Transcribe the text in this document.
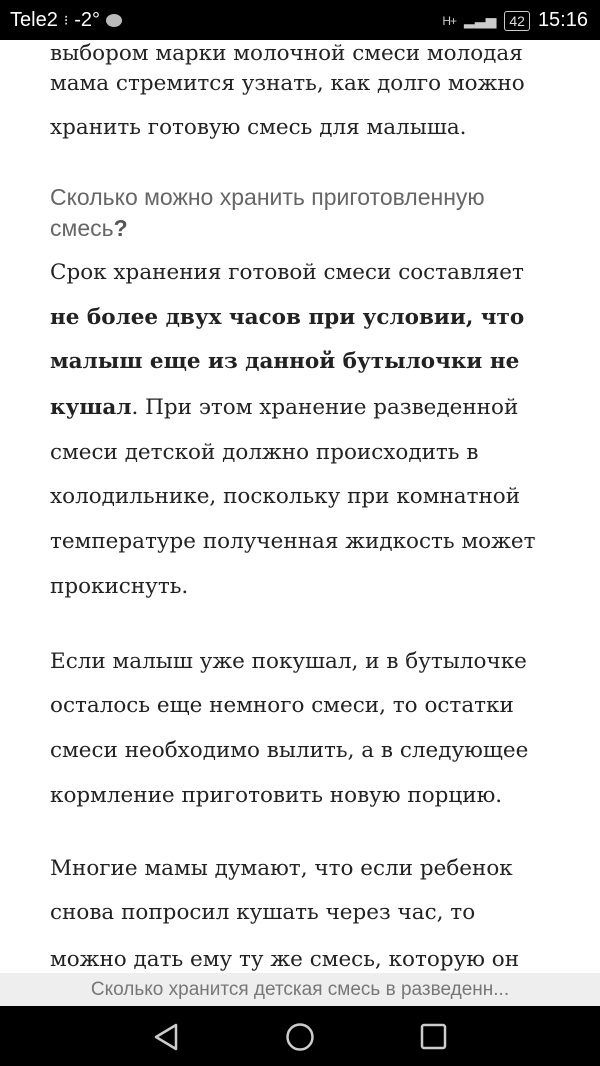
Tele2 ⁝ -2°	H+ ▂▃▅ 42 15:16
выбором марки молочной смеси молодая
мама стремится узнать, как долго можно
хранить готовую смесь для малыша.
Сколько можно хранить приготовленную
смесь?
Срок хранения готовой смеси составляет
не более двух часов при условии, что
малыш еще из данной бутылочки не
кушал. При этом хранение разведенной
смеси детской должно происходить в
холодильнике, поскольку при комнатной
температуре полученная жидкость может
прокиснуть.
Если малыш уже покушал, и в бутылочке
осталось еще немного смеси, то остатки
смеси необходимо вылить, а в следующее
кормление приготовить новую порцию.
Многие мамы думают, что если ребенок
снова попросил кушать через час, то
можно дать ему ту же смесь, которую он
Сколько хранится детская смесь в разведенн...
